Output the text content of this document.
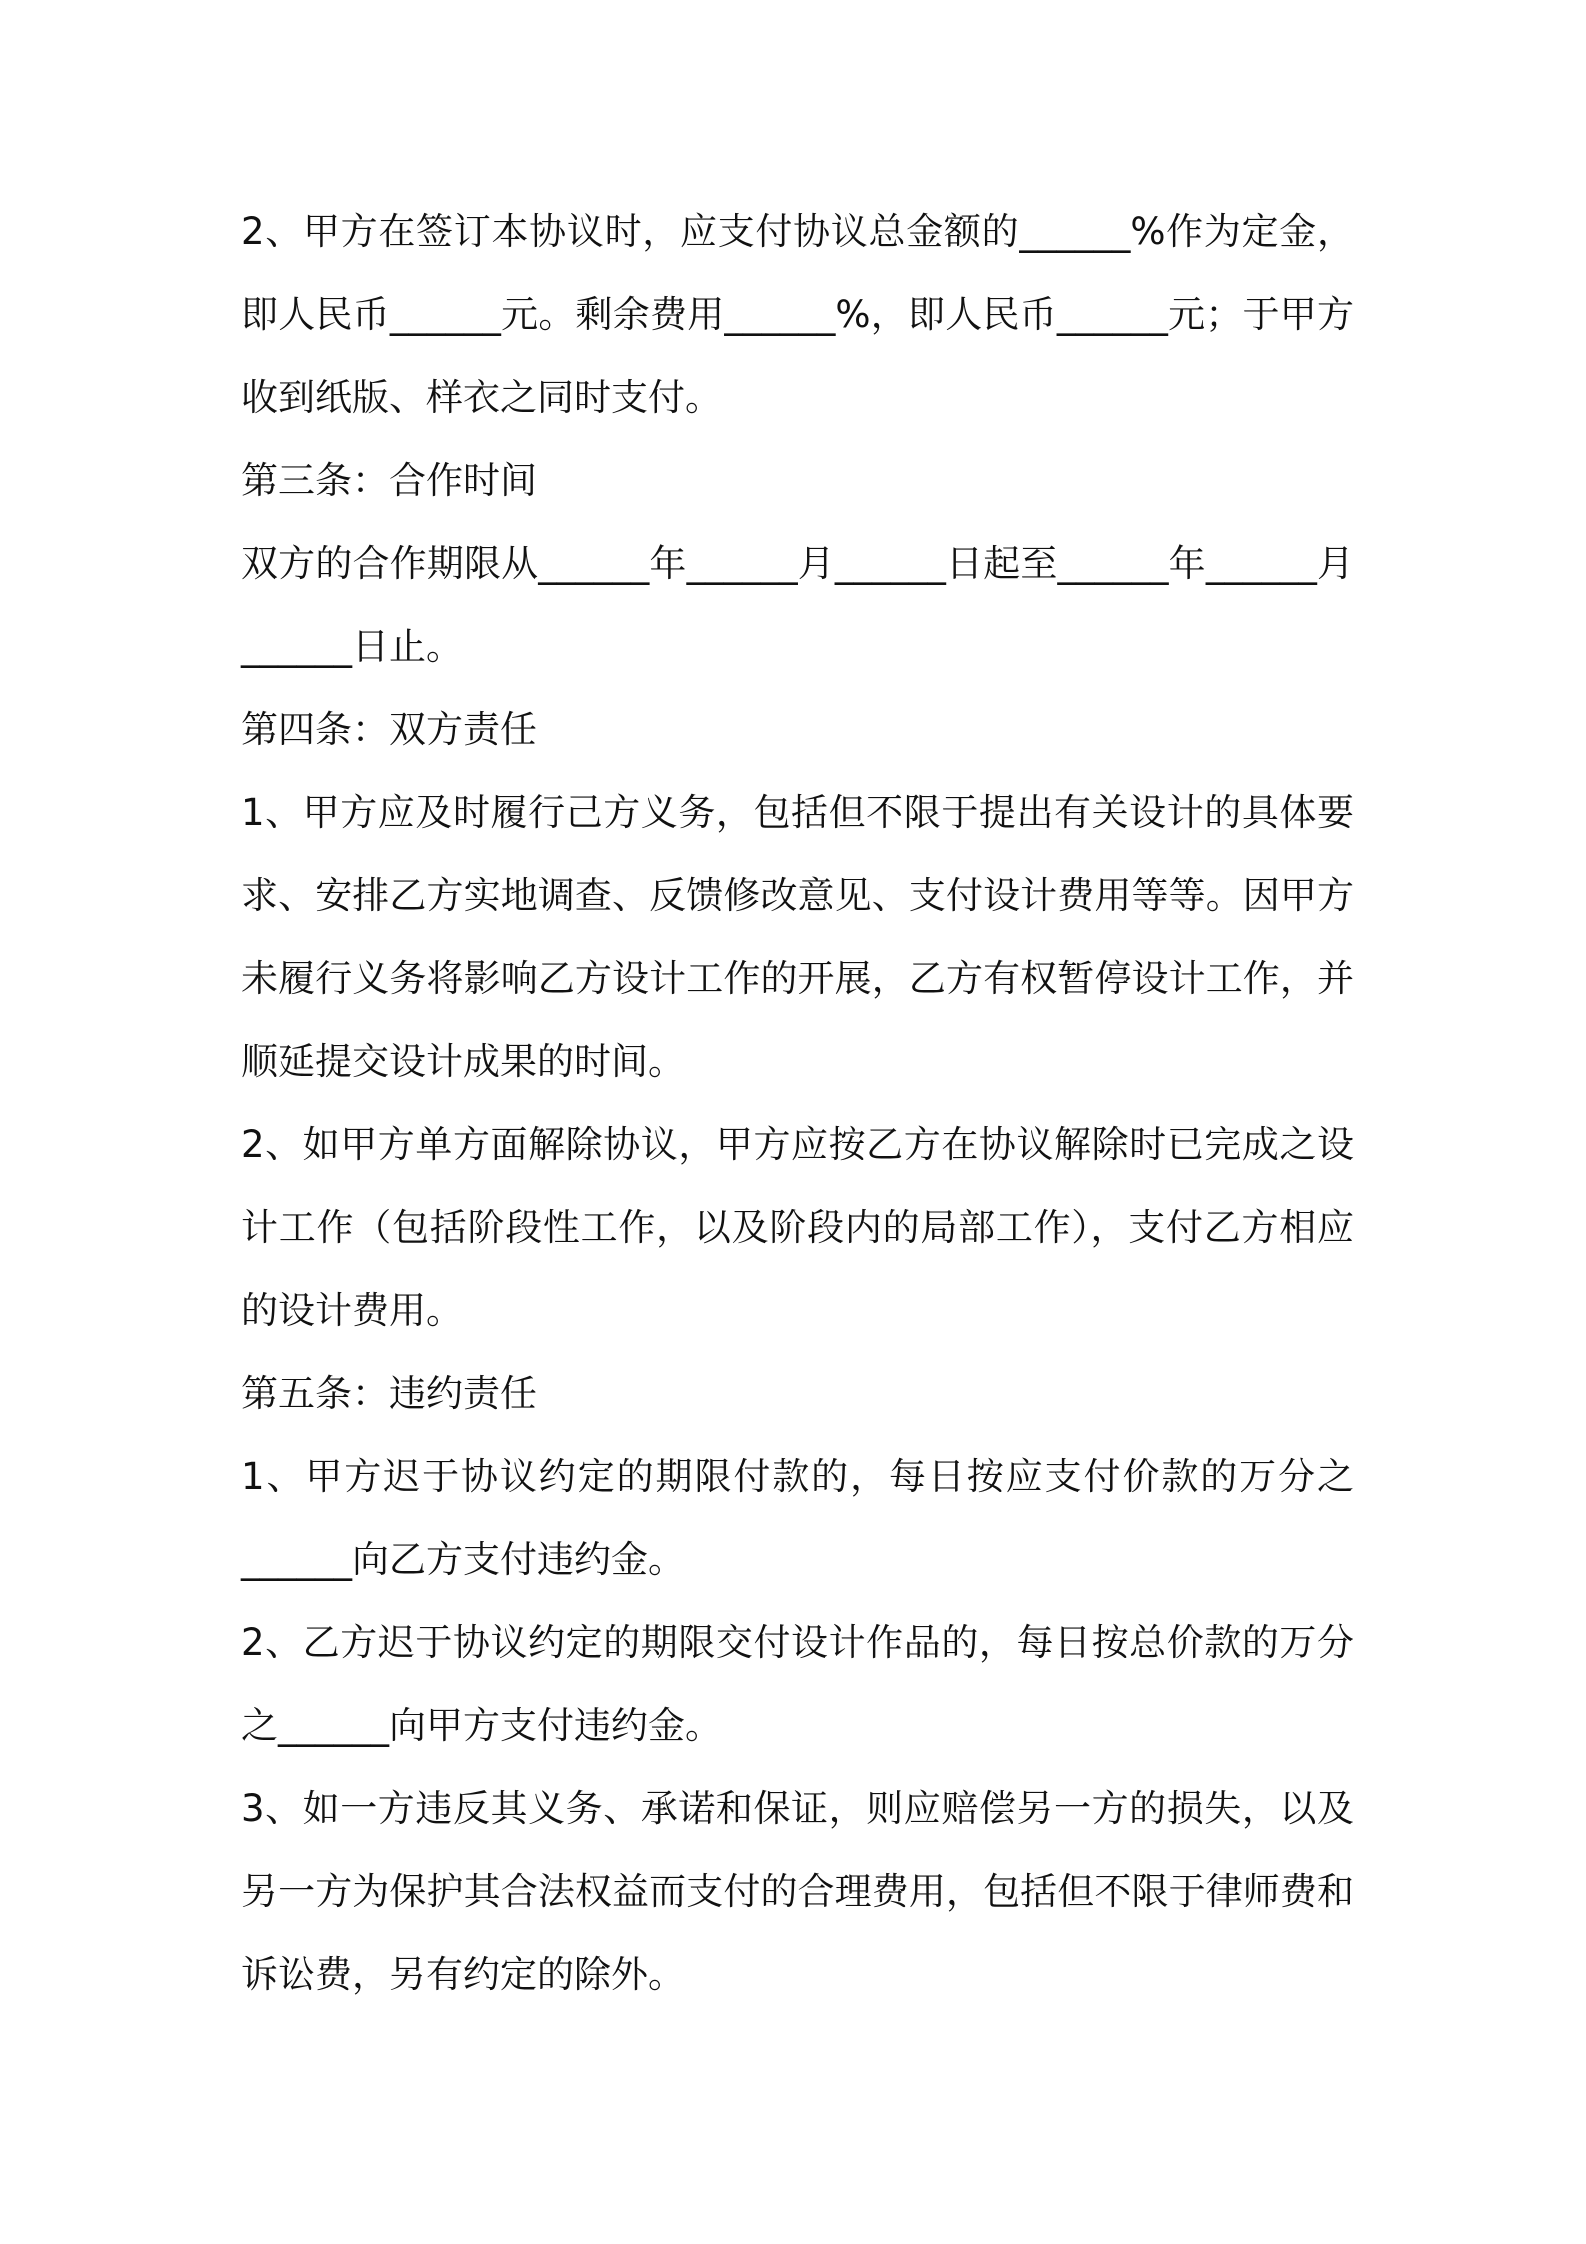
2、甲方在签订本协议时，应支付协议总金额的______%作为定金，即人民币______元。剩余费用______%，即人民币______元；于甲方收到纸版、样衣之同时支付。

第三条：合作时间

双方的合作期限从______年______月______日起至______年______月______日止。

第四条：双方责任

1、甲方应及时履行己方义务，包括但不限于提出有关设计的具体要求、安排乙方实地调查、反馈修改意见、支付设计费用等等。因甲方未履行义务将影响乙方设计工作的开展，乙方有权暂停设计工作，并顺延提交设计成果的时间。

2、如甲方单方面解除协议，甲方应按乙方在协议解除时已完成之设计工作（包括阶段性工作，以及阶段内的局部工作），支付乙方相应的设计费用。

第五条：违约责任

1、甲方迟于协议约定的期限付款的，每日按应支付价款的万分之______向乙方支付违约金。

2、乙方迟于协议约定的期限交付设计作品的，每日按总价款的万分之______向甲方支付违约金。

3、如一方违反其义务、承诺和保证，则应赔偿另一方的损失，以及另一方为保护其合法权益而支付的合理费用，包括但不限于律师费和诉讼费，另有约定的除外。
